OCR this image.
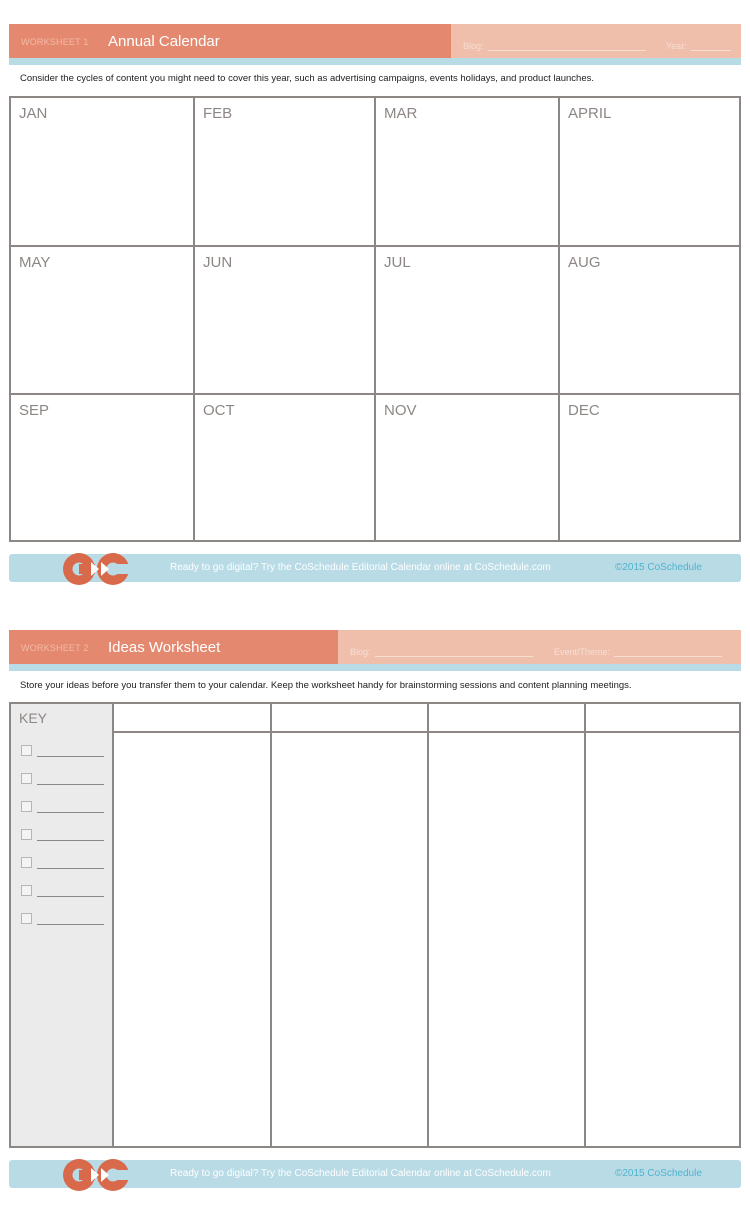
WORKSHEET 1 Annual Calendar	Blog:	Year:
Consider the cycles of content you might need to cover this year, such as advertising campaigns, events holidays, and product launches.
JAN	FEB	MAR	APRIL
MAY	JUN	JUL	AUG
SEP	OCT	NOV	DEC
Ready to go digital? Try the CoSchedule Editorial Calendar online at CoSchedule.com	©2015 CoSchedule
WORKSHEET 2 Ideas Worksheet	Blog:	Event/Theme:
Store your ideas before you transfer them to your calendar. Keep the worksheet handy for brainstorming sessions and content planning meetings.
KEY
Ready to go digital? Try the CoSchedule Editorial Calendar online at CoSchedule.com	©2015 CoSchedule
